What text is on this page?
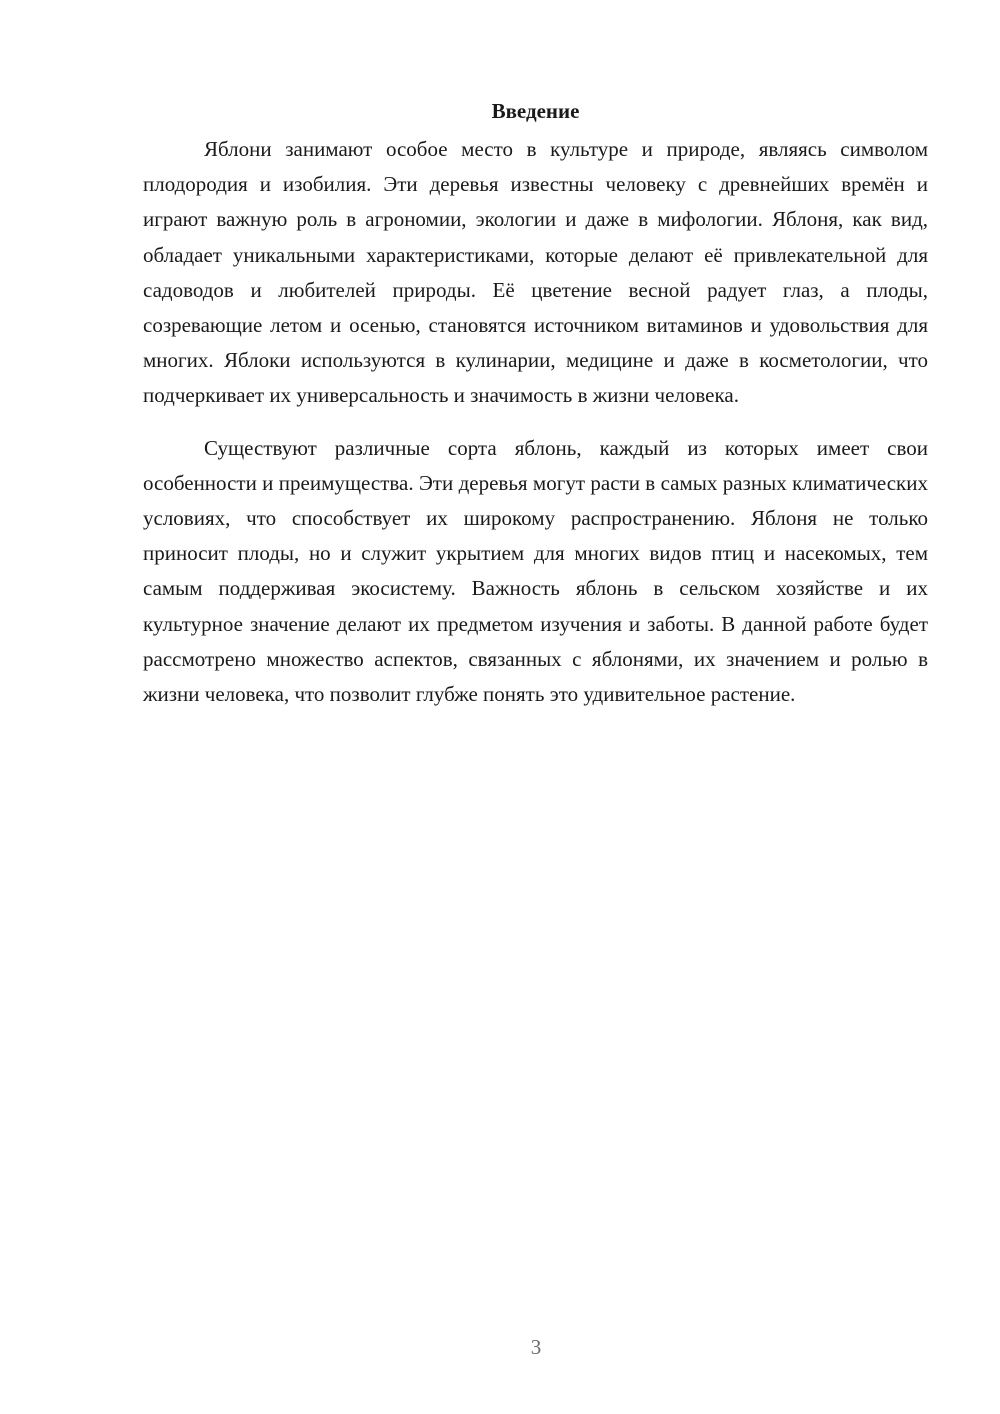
Введение

Яблони занимают особое место в культуре и природе, являясь символом плодородия и изобилия. Эти деревья известны человеку с древнейших времён и играют важную роль в агрономии, экологии и даже в мифологии. Яблоня, как вид, обладает уникальными характеристиками, которые делают её привлекательной для садоводов и любителей природы. Её цветение весной радует глаз, а плоды, созревающие летом и осенью, становятся источником витаминов и удовольствия для многих. Яблоки используются в кулинарии, медицине и даже в косметологии, что подчеркивает их универсальность и значимость в жизни человека.

Существуют различные сорта яблонь, каждый из которых имеет свои особенности и преимущества. Эти деревья могут расти в самых разных климатических условиях, что способствует их широкому распространению. Яблоня не только приносит плоды, но и служит укрытием для многих видов птиц и насекомых, тем самым поддерживая экосистему. Важность яблонь в сельском хозяйстве и их культурное значение делают их предметом изучения и заботы. В данной работе будет рассмотрено множество аспектов, связанных с яблонями, их значением и ролью в жизни человека, что позволит глубже понять это удивительное растение.

3
